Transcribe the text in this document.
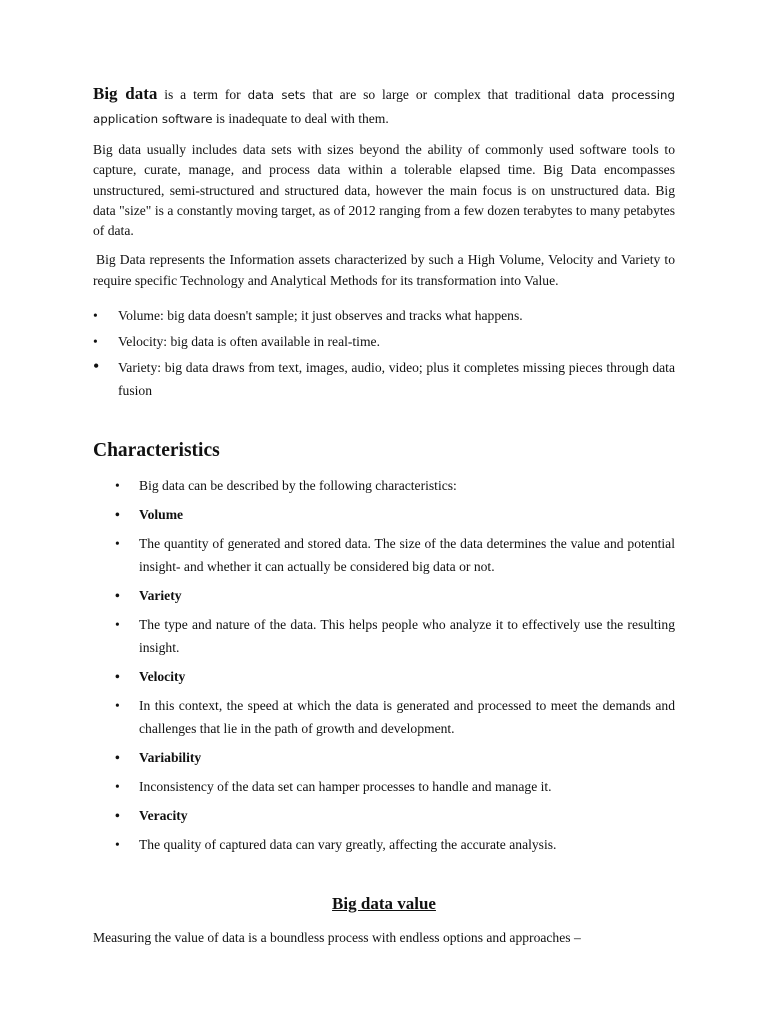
Big data is a term for data sets that are so large or complex that traditional data processing application software is inadequate to deal with them.

Big data usually includes data sets with sizes beyond the ability of commonly used software tools to capture, curate, manage, and process data within a tolerable elapsed time. Big Data encompasses unstructured, semi-structured and structured data, however the main focus is on unstructured data. Big data "size" is a constantly moving target, as of 2012 ranging from a few dozen terabytes to many petabytes of data.

Big Data represents the Information assets characterized by such a High Volume, Velocity and Variety to require specific Technology and Analytical Methods for its transformation into Value.

• Volume: big data doesn't sample; it just observes and tracks what happens.
• Velocity: big data is often available in real-time.
• Variety: big data draws from text, images, audio, video; plus it completes missing pieces through data fusion
Characteristics
• Big data can be described by the following characteristics:
• Volume
• The quantity of generated and stored data. The size of the data determines the value and potential insight- and whether it can actually be considered big data or not.
• Variety
• The type and nature of the data. This helps people who analyze it to effectively use the resulting insight.
• Velocity
• In this context, the speed at which the data is generated and processed to meet the demands and challenges that lie in the path of growth and development.
• Variability
• Inconsistency of the data set can hamper processes to handle and manage it.
• Veracity
• The quality of captured data can vary greatly, affecting the accurate analysis.
Big data value

Measuring the value of data is a boundless process with endless options and approaches –
